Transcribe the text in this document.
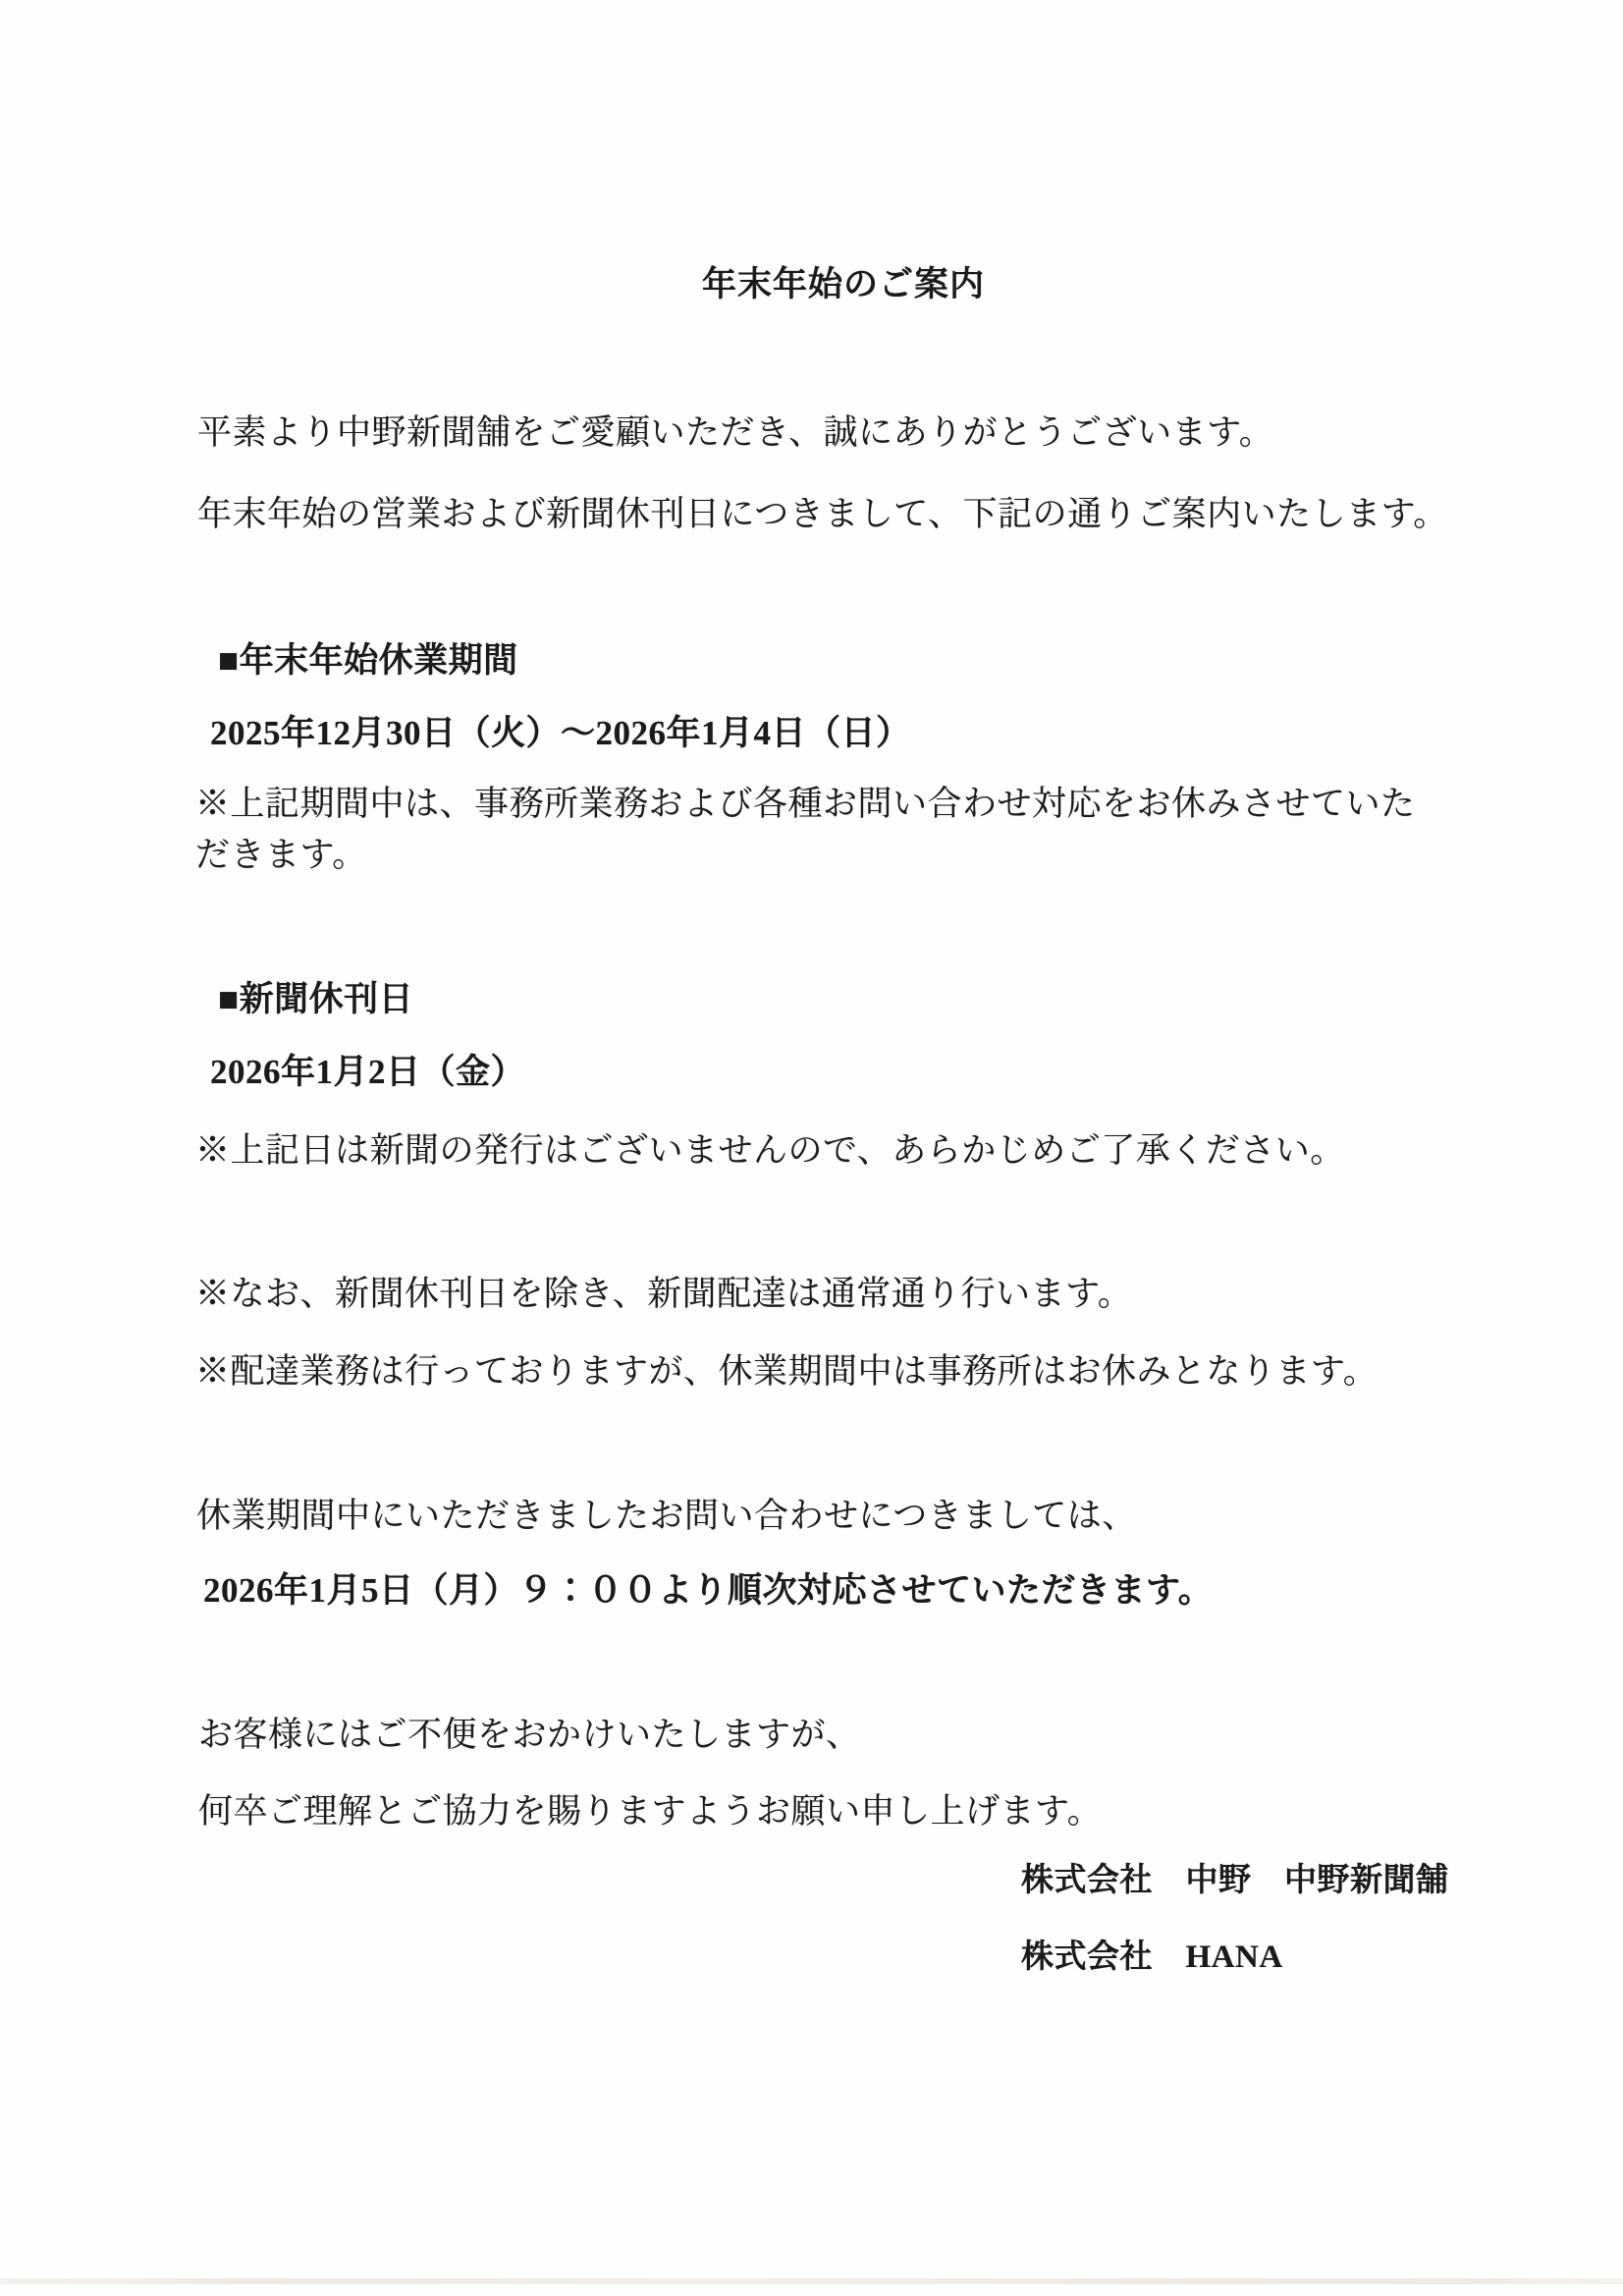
年末年始のご案内
平素より中野新聞舗をご愛顧いただき、誠にありがとうございます。
年末年始の営業および新聞休刊日につきまして、下記の通りご案内いたします。
■年末年始休業期間
2025年12月30日（火）～2026年1月4日（日）
※上記期間中は、事務所業務および各種お問い合わせ対応をお休みさせていた
だきます。
■新聞休刊日
2026年1月2日（金）
※上記日は新聞の発行はございませんので、あらかじめご了承ください。
※なお、新聞休刊日を除き、新聞配達は通常通り行います。
※配達業務は行っておりますが、休業期間中は事務所はお休みとなります。
休業期間中にいただきましたお問い合わせにつきましては、
2026年1月5日（月）９：００より順次対応させていただきます。
お客様にはご不便をおかけいたしますが、
何卒ご理解とご協力を賜りますようお願い申し上げます。
株式会社　中野　中野新聞舗
株式会社　HANA
